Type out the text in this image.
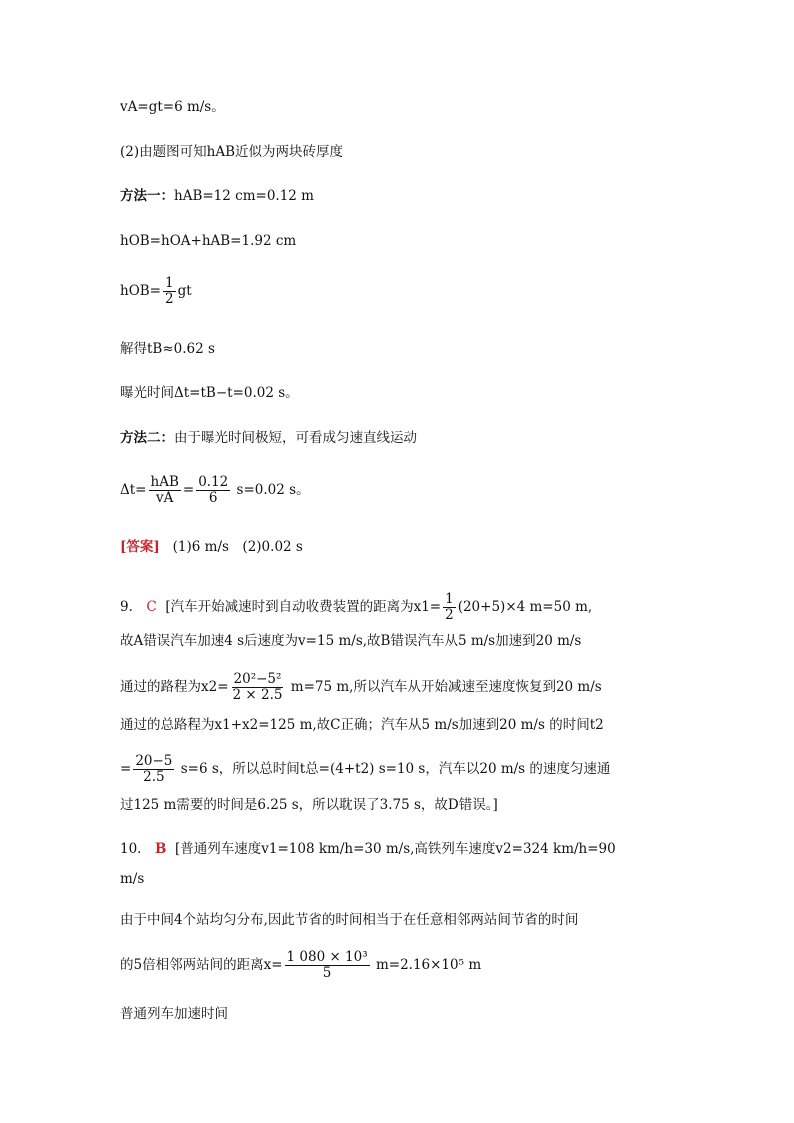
vA=gt=6 m/s。
(2)由题图可知hAB近似为两块砖厚度
方法一：hAB=12 cm=0.12 m
hOB=hOA+hAB=1.92 cm
$hOB= \frac{1}{2}$ gt
解得tB≈0.62 s
曝光时间Δt=tB−t=0.02 s。
方法二：由于曝光时间极短，可看成匀速直线运动
$\Delta t= \frac{\text{hAB}}{vA} = \frac{0.12}{6} s=0.02$ s。
[答案] (1)6 m/s　(2)0.02 s
9． C [汽车开始减速时到自动收费装置的距离为$x1= \frac{1}{2} (20+5)\times 4$ m=50 m,
故A错误汽车加速4 s后速度为v=15 m/s,故B错误汽车从5 m/s加速到20 m/s
通过的路程为$x2= \frac{\text{20²−5²}}{2 \times 2.5} m=75$ m,所以汽车从开始减速至速度恢复到20 m/s
通过的总路程为x1+x2=125 m,故C正确；汽车从5 m/s加速到20 m/s 的时间t2
= $\frac{20-5}{2.5} s=6$ s，所以总时间t总=(4+t2) s=10 s，汽车以20 m/s 的速度匀速通
过125 m需要的时间是6.25 s，所以耽误了3.75 s，故D错误。]
10． B [普通列车速度v1=108 km/h=30 m/s,高铁列车速度v2=324 km/h=90
m/s
由于中间4个站均匀分布,因此节省的时间相当于在任意相邻两站间节省的时间
的5倍相邻两站间的距离$x= \frac{\text{1 080 × 10³}}{5} m=2.16\times 10^5$ m
普通列车加速时间
